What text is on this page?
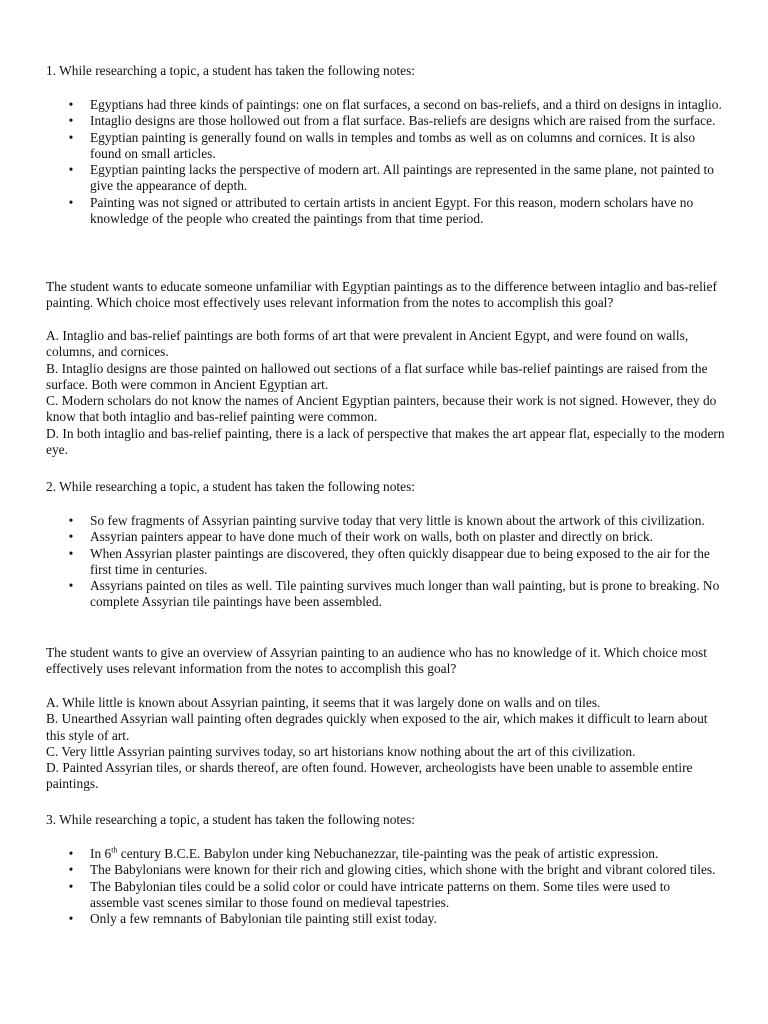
1. While researching a topic, a student has taken the following notes:

• Egyptians had three kinds of paintings: one on flat surfaces, a second on bas-reliefs, and a third on designs in intaglio.
• Intaglio designs are those hollowed out from a flat surface. Bas-reliefs are designs which are raised from the surface.
• Egyptian painting is generally found on walls in temples and tombs as well as on columns and cornices. It is also found on small articles.
• Egyptian painting lacks the perspective of modern art. All paintings are represented in the same plane, not painted to give the appearance of depth.
• Painting was not signed or attributed to certain artists in ancient Egypt. For this reason, modern scholars have no knowledge of the people who created the paintings from that time period.

The student wants to educate someone unfamiliar with Egyptian paintings as to the difference between intaglio and bas-relief painting. Which choice most effectively uses relevant information from the notes to accomplish this goal?

A. Intaglio and bas-relief paintings are both forms of art that were prevalent in Ancient Egypt, and were found on walls, columns, and cornices.

B. Intaglio designs are those painted on hallowed out sections of a flat surface while bas-relief paintings are raised from the surface. Both were common in Ancient Egyptian art.

C. Modern scholars do not know the names of Ancient Egyptian painters, because their work is not signed. However, they do know that both intaglio and bas-relief painting were common.

D. In both intaglio and bas-relief painting, there is a lack of perspective that makes the art appear flat, especially to the modern eye.

2. While researching a topic, a student has taken the following notes:

• So few fragments of Assyrian painting survive today that very little is known about the artwork of this civilization.
• Assyrian painters appear to have done much of their work on walls, both on plaster and directly on brick.
• When Assyrian plaster paintings are discovered, they often quickly disappear due to being exposed to the air for the first time in centuries.
• Assyrians painted on tiles as well. Tile painting survives much longer than wall painting, but is prone to breaking. No complete Assyrian tile paintings have been assembled.

The student wants to give an overview of Assyrian painting to an audience who has no knowledge of it. Which choice most effectively uses relevant information from the notes to accomplish this goal?

A. While little is known about Assyrian painting, it seems that it was largely done on walls and on tiles.

B. Unearthed Assyrian wall painting often degrades quickly when exposed to the air, which makes it difficult to learn about this style of art.

C. Very little Assyrian painting survives today, so art historians know nothing about the art of this civilization.

D. Painted Assyrian tiles, or shards thereof, are often found. However, archeologists have been unable to assemble entire paintings.

3. While researching a topic, a student has taken the following notes:

• In 6th century B.C.E. Babylon under king Nebuchanezzar, tile-painting was the peak of artistic expression.
• The Babylonians were known for their rich and glowing cities, which shone with the bright and vibrant colored tiles.
• The Babylonian tiles could be a solid color or could have intricate patterns on them. Some tiles were used to assemble vast scenes similar to those found on medieval tapestries.
• Only a few remnants of Babylonian tile painting still exist today.
